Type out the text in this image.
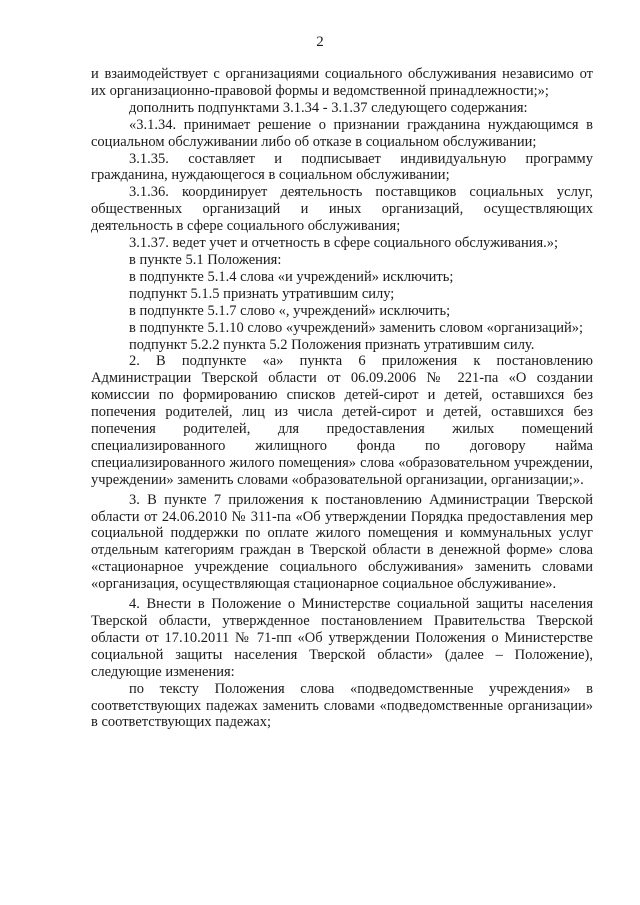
2

и взаимодействует с организациями социального обслуживания независимо от их организационно-правовой формы и ведомственной принадлежности;»;

дополнить подпунктами 3.1.34 - 3.1.37 следующего содержания:

«3.1.34. принимает решение о признании гражданина нуждающимся в социальном обслуживании либо об отказе в социальном обслуживании;

3.1.35. составляет и подписывает индивидуальную программу гражданина, нуждающегося в социальном обслуживании;

3.1.36. координирует деятельность поставщиков социальных услуг, общественных организаций и иных организаций, осуществляющих деятельность в сфере социального обслуживания;

3.1.37. ведет учет и отчетность в сфере социального обслуживания.»;

в пункте 5.1 Положения:

в подпункте 5.1.4 слова «и учреждений» исключить;

подпункт 5.1.5 признать утратившим силу;

в подпункте 5.1.7 слово «, учреждений» исключить;

в подпункте 5.1.10 слово «учреждений» заменить словом «организаций»;

подпункт 5.2.2 пункта 5.2 Положения признать утратившим силу.

2. В подпункте «а» пункта 6 приложения к постановлению Администрации Тверской области от 06.09.2006 № 221-па «О создании комиссии по формированию списков детей-сирот и детей, оставшихся без попечения родителей, лиц из числа детей-сирот и детей, оставшихся без попечения родителей, для предоставления жилых помещений специализированного жилищного фонда по договору найма специализированного жилого помещения» слова «образовательном учреждении, учреждении» заменить словами «образовательной организации, организации;».

3. В пункте 7 приложения к постановлению Администрации Тверской области от 24.06.2010 № 311-па «Об утверждении Порядка предоставления мер социальной поддержки по оплате жилого помещения и коммунальных услуг отдельным категориям граждан в Тверской области в денежной форме» слова «стационарное учреждение социального обслуживания» заменить словами «организация, осуществляющая стационарное социальное обслуживание».

4. Внести в Положение о Министерстве социальной защиты населения Тверской области, утвержденное постановлением Правительства Тверской области от 17.10.2011 № 71-пп «Об утверждении Положения о Министерстве социальной защиты населения Тверской области» (далее – Положение), следующие изменения:

по тексту Положения слова «подведомственные учреждения» в соответствующих падежах заменить словами «подведомственные организации» в соответствующих падежах;
